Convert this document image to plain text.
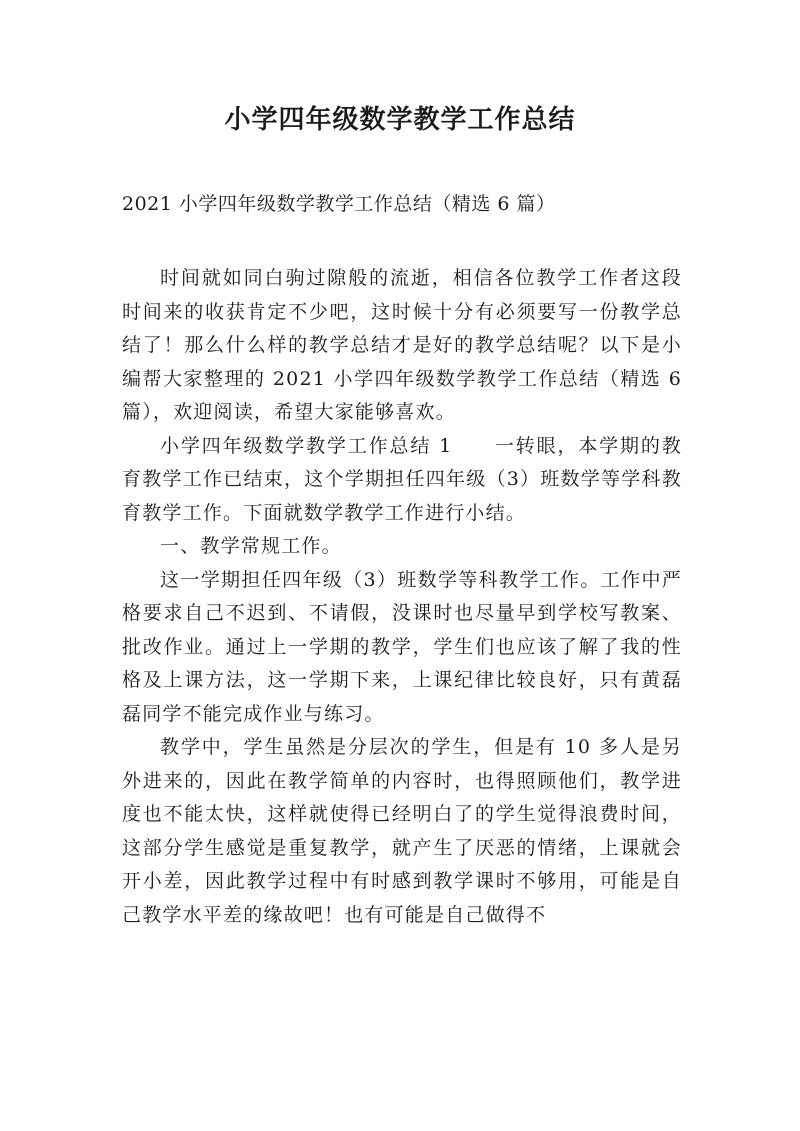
小学四年级数学教学工作总结

2021 小学四年级数学教学工作总结（精选 6 篇）

时间就如同白驹过隙般的流逝，相信各位教学工作者这段时间来的收获肯定不少吧，这时候十分有必须要写一份教学总结了！那么什么样的教学总结才是好的教学总结呢？以下是小编帮大家整理的 2021 小学四年级数学教学工作总结（精选 6 篇），欢迎阅读，希望大家能够喜欢。

小学四年级数学教学工作总结 1　　一转眼，本学期的教育教学工作已结束，这个学期担任四年级（3）班数学等学科教育教学工作。下面就数学教学工作进行小结。

一、教学常规工作。

这一学期担任四年级（3）班数学等科教学工作。工作中严格要求自己不迟到、不请假，没课时也尽量早到学校写教案、批改作业。通过上一学期的教学，学生们也应该了解了我的性格及上课方法，这一学期下来，上课纪律比较良好，只有黄磊磊同学不能完成作业与练习。

教学中，学生虽然是分层次的学生，但是有 10 多人是另外进来的，因此在教学简单的内容时，也得照顾他们，教学进度也不能太快，这样就使得已经明白了的学生觉得浪费时间，这部分学生感觉是重复教学，就产生了厌恶的情绪，上课就会开小差，因此教学过程中有时感到教学课时不够用，可能是自己教学水平差的缘故吧！也有可能是自己做得不
